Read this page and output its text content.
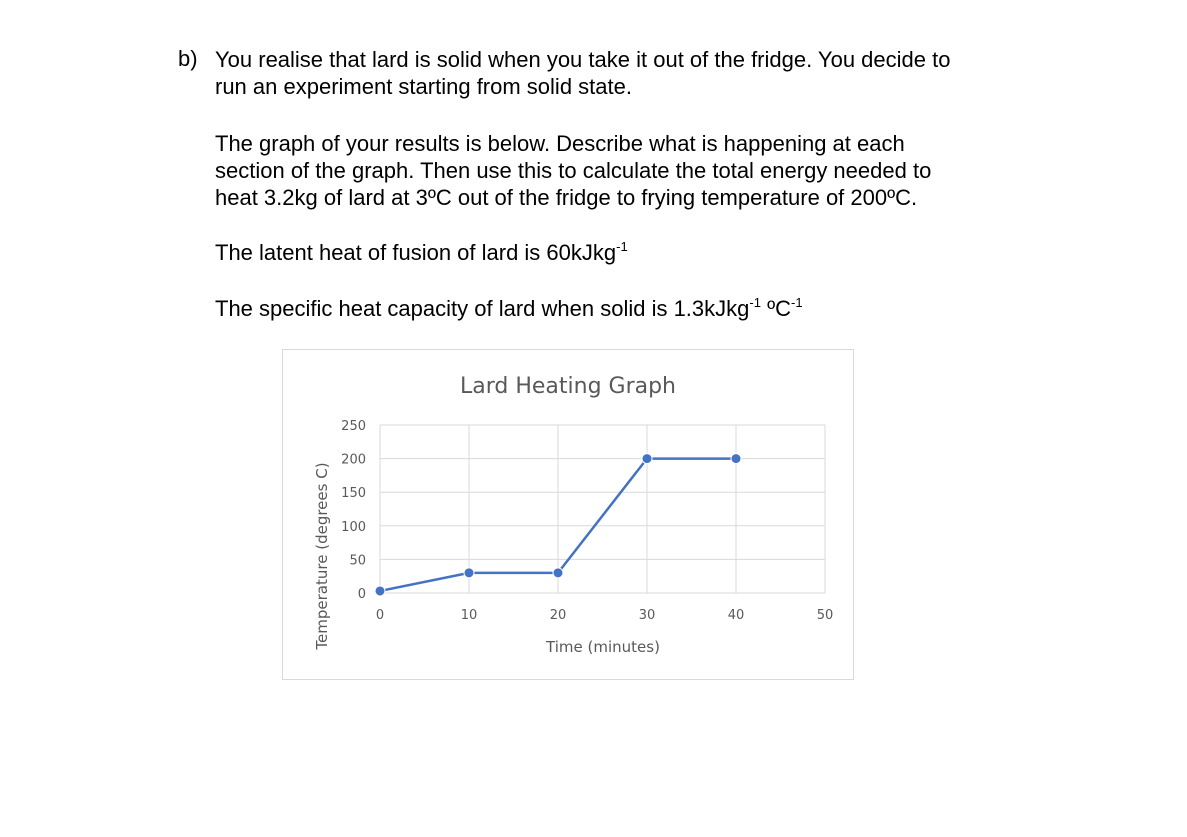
b) You realise that lard is solid when you take it out of the fridge. You decide to
run an experiment starting from solid state.

The graph of your results is below. Describe what is happening at each
section of the graph. Then use this to calculate the total energy needed to
heat 3.2kg of lard at 3ºC out of the fridge to frying temperature of 200ºC.

The latent heat of fusion of lard is 60kJkg$^{-1}$

The specific heat capacity of lard when solid is 1.3kJkg$^{-1}$ ºC$^{-1}$

Lard Heating Graph
Time (minutes)
Temperature (degrees C)	0	10	20	30	40	50
0
50
100
150
200
250
